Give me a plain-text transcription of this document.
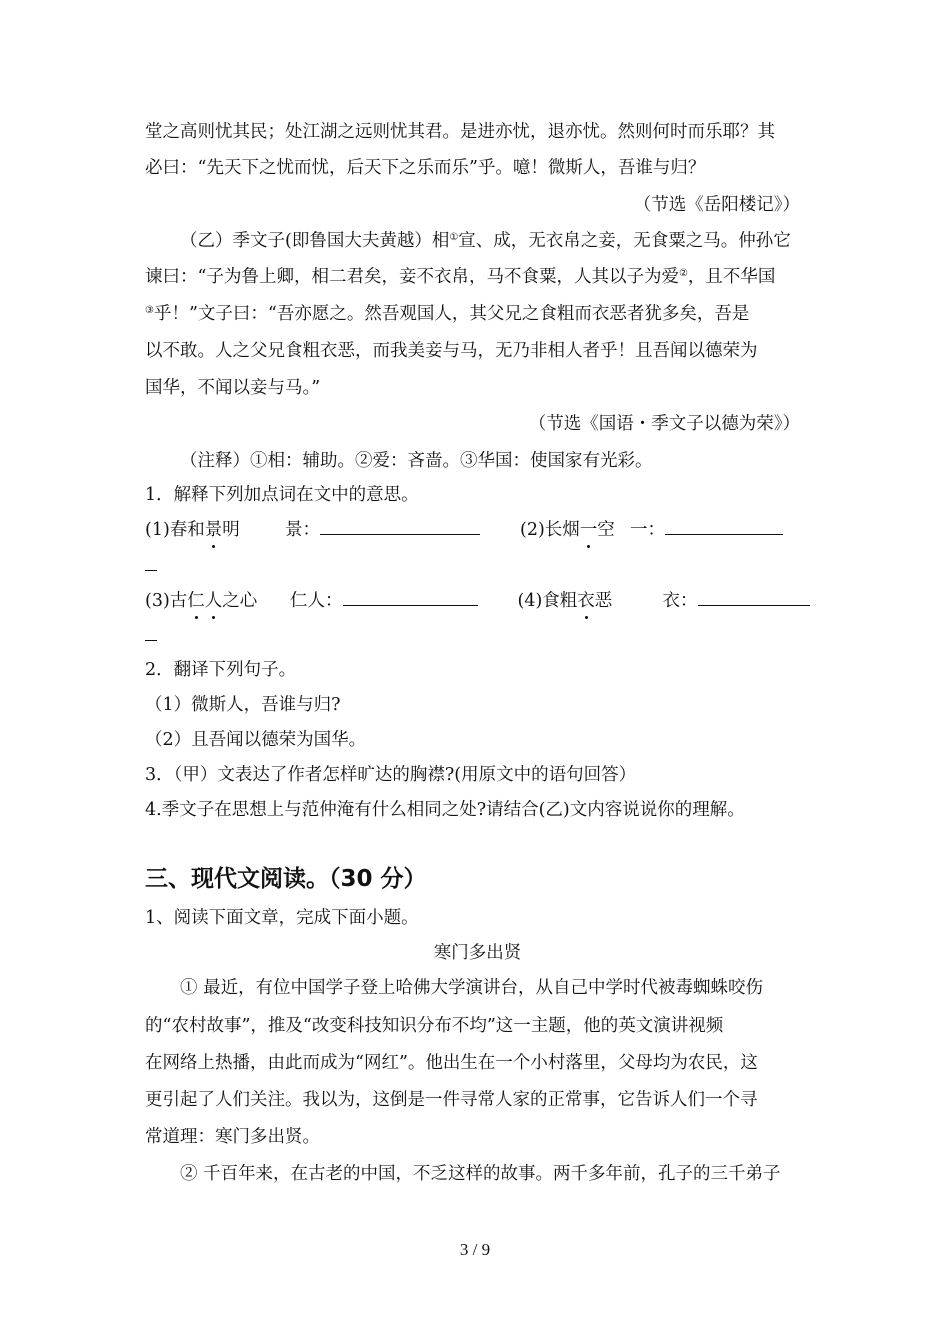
堂之高则忧其民；处江湖之远则忧其君。是进亦忧，退亦忧。然则何时而乐耶？其
必曰：“先天下之忧而忧，后天下之乐而乐”乎。噫！微斯人，吾谁与归？
（节选《岳阳楼记》）
（乙）季文子(即鲁国大夫黄越）相①宣、成，无衣帛之妾，无食粟之马。仲孙它
谏曰：“子为鲁上卿，相二君矣，妾不衣帛，马不食粟，人其以子为爱②，且不华国
③乎！”文子曰：“吾亦愿之。然吾观国人，其父兄之食粗而衣恶者犹多矣，吾是
以不敢。人之父兄食粗衣恶，而我美妾与马，无乃非相人者乎！且吾闻以德荣为
国华，不闻以妾与马。”
（节选《国语・季文子以德为荣》）
（注释）①相：辅助。②爱：吝啬。③华国：使国家有光彩。
1．解释下列加点词在文中的意思。
(1)春和景明	景：	(2)长烟一空 一：
(3)古仁人之心 仁人：	(4)食粗衣恶	衣：
2．翻译下列句子。
（1）微斯人，吾谁与归?
（2）且吾闻以德荣为国华。
3．（甲）文表达了作者怎样旷达的胸襟?(用原文中的语句回答）
4.季文子在思想上与范仲淹有什么相同之处?请结合(乙)文内容说说你的理解。
三、现代文阅读。（30 分）
1、阅读下面文章，完成下面小题。
寒门多出贤
① 最近，有位中国学子登上哈佛大学演讲台，从自己中学时代被毒蜘蛛咬伤
的“农村故事”，推及“改变科技知识分布不均”这一主题，他的英文演讲视频
在网络上热播，由此而成为“网红”。他出生在一个小村落里，父母均为农民，这
更引起了人们关注。我以为，这倒是一件寻常人家的正常事，它告诉人们一个寻
常道理：寒门多出贤。
② 千百年来，在古老的中国，不乏这样的故事。两千多年前，孔子的三千弟子
3 / 9
